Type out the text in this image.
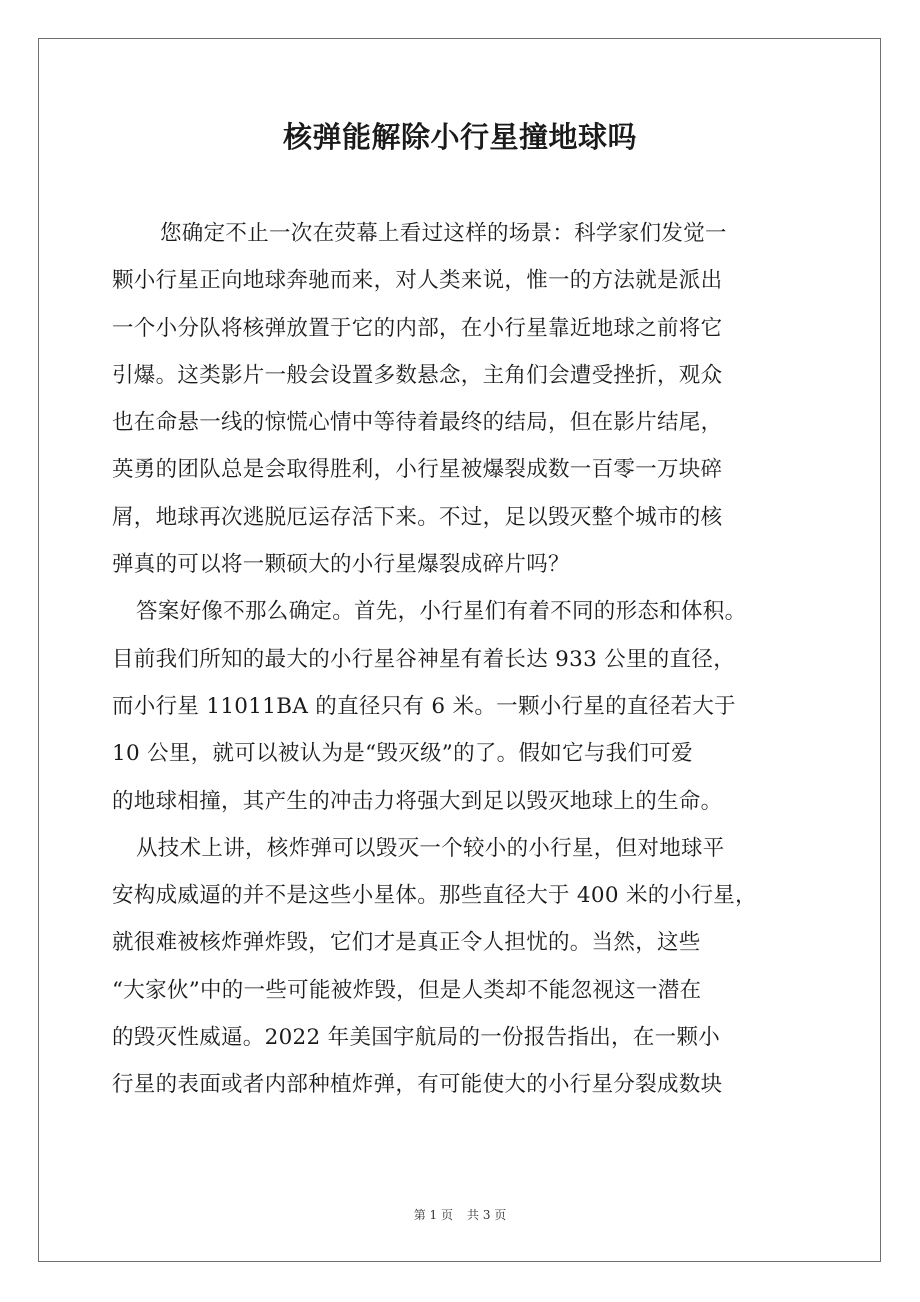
核弹能解除小行星撞地球吗
您确定不止一次在荧幕上看过这样的场景：科学家们发觉一
颗小行星正向地球奔驰而来，对人类来说，惟一的方法就是派出
一个小分队将核弹放置于它的内部，在小行星靠近地球之前将它
引爆。这类影片一般会设置多数悬念，主角们会遭受挫折，观众
也在命悬一线的惊慌心情中等待着最终的结局，但在影片结尾，
英勇的团队总是会取得胜利，小行星被爆裂成数一百零一万块碎
屑，地球再次逃脱厄运存活下来。不过，足以毁灭整个城市的核
弹真的可以将一颗硕大的小行星爆裂成碎片吗？
答案好像不那么确定。首先，小行星们有着不同的形态和体积。
目前我们所知的最大的小行星谷神星有着长达 933 公里的直径，
而小行星 11011BA 的直径只有 6 米。一颗小行星的直径若大于
10 公里，就可以被认为是“毁灭级”的了。假如它与我们可爱
的地球相撞，其产生的冲击力将强大到足以毁灭地球上的生命。
从技术上讲，核炸弹可以毁灭一个较小的小行星，但对地球平
安构成威逼的并不是这些小星体。那些直径大于 400 米的小行星，
就很难被核炸弹炸毁，它们才是真正令人担忧的。当然，这些
“大家伙”中的一些可能被炸毁，但是人类却不能忽视这一潜在
的毁灭性威逼。2022 年美国宇航局的一份报告指出，在一颗小
行星的表面或者内部种植炸弹，有可能使大的小行星分裂成数块
第 1 页 共 3 页
